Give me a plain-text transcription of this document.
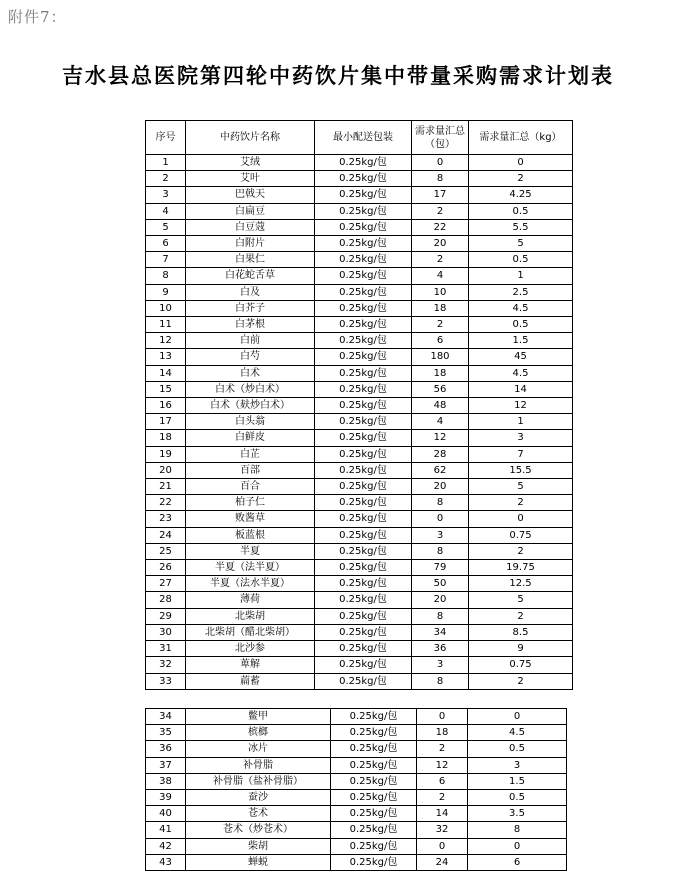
附件7：
吉水县总医院第四轮中药饮片集中带量采购需求计划表
序号	中药饮片名称	最小配送包装	需求量汇总（包）	需求量汇总（kg）
1	艾绒	0.25kg/包	0	0
2	艾叶	0.25kg/包	8	2
3	巴戟天	0.25kg/包	17	4.25
4	白扁豆	0.25kg/包	2	0.5
5	白豆蔻	0.25kg/包	22	5.5
6	白附片	0.25kg/包	20	5
7	白果仁	0.25kg/包	2	0.5
8	白花蛇舌草	0.25kg/包	4	1
9	白及	0.25kg/包	10	2.5
10	白芥子	0.25kg/包	18	4.5
11	白茅根	0.25kg/包	2	0.5
12	白前	0.25kg/包	6	1.5
13	白芍	0.25kg/包	180	45
14	白术	0.25kg/包	18	4.5
15	白术（炒白术）	0.25kg/包	56	14
16	白术（麸炒白术）	0.25kg/包	48	12
17	白头翁	0.25kg/包	4	1
18	白鲜皮	0.25kg/包	12	3
19	白芷	0.25kg/包	28	7
20	百部	0.25kg/包	62	15.5
21	百合	0.25kg/包	20	5
22	柏子仁	0.25kg/包	8	2
23	败酱草	0.25kg/包	0	0
24	板蓝根	0.25kg/包	3	0.75
25	半夏	0.25kg/包	8	2
26	半夏（法半夏）	0.25kg/包	79	19.75
27	半夏（法水半夏）	0.25kg/包	50	12.5
28	薄荷	0.25kg/包	20	5
29	北柴胡	0.25kg/包	8	2
30	北柴胡（醋北柴胡）	0.25kg/包	34	8.5
31	北沙参	0.25kg/包	36	9
32	萆解	0.25kg/包	3	0.75
33	萹蓄	0.25kg/包	8	2
34	鳖甲	0.25kg/包	0	0
35	槟榔	0.25kg/包	18	4.5
36	冰片	0.25kg/包	2	0.5
37	补骨脂	0.25kg/包	12	3
38	补骨脂（盐补骨脂）	0.25kg/包	6	1.5
39	蚕沙	0.25kg/包	2	0.5
40	苍术	0.25kg/包	14	3.5
41	苍术（炒苍术）	0.25kg/包	32	8
42	柴胡	0.25kg/包	0	0
43	蝉蜕	0.25kg/包	24	6
